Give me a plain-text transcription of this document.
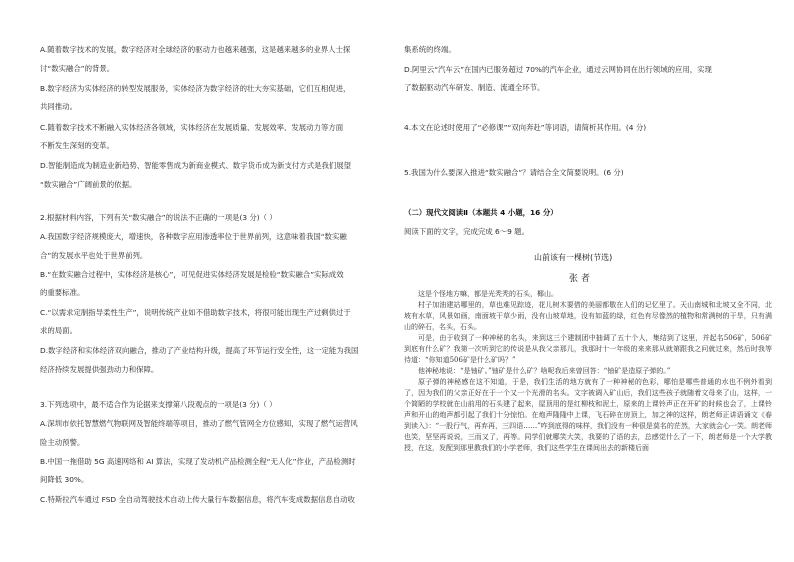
A.随着数字技术的发展，数字经济对全球经济的驱动力也越来越强，这是越来越多的业界人士探
讨“数实融合”的背景。
B.数字经济为实体经济的转型发展服务，实体经济为数字经济的壮大夯实基础，它们互相促进，
共同推动。
C.随着数字技术不断融入实体经济各领域，实体经济在发展质量、发展效率、发展动力等方面
不断发生深刻的变革。
D.智能制造成为制造业新趋势、智能零售成为新商业模式、数字货币成为新支付方式是我们展望
“数实融合”广阔前景的依据。
2.根据材料内容，下列有关“数实融合”的说法不正确的一项是(3 分)（ ）
A.我国数字经济规模庞大，增速快，各种数字应用渗透率位于世界前列，这意味着我国“数实融
合”的发展水平也处于世界前列。
B.“在数实融合过程中，实体经济是核心”，可见促进实体经济发展是检验“数实融合”实际成效
的重要标准。
C.“以需求定制指导柔性生产”，说明传统产业如不借助数字技术，将很可能出现生产过剩供过于
求的局面。
D.数字经济和实体经济双向融合，推动了产业结构升级，提高了环节运行安全性，这一定能为我国
经济持续发展提供强劲动力和保障。
3.下列选项中，最不适合作为论据来支撑第八段观点的一项是(3 分)（ ）
A.深圳市依托智慧燃气物联网及智能终端等项目，推动了燃气管网全方位感知，实现了燃气运营风
险主动预警。
B.中国一拖借助 5G 高速网络和 AI 算法，实现了发动机产品检测全程“无人化”作业，产品检测时
间降低 30%。
C.特斯拉汽车通过 FSD 全自动驾驶技术自动上传大量行车数据信息，将汽车变成数据信息自动收
山前该有一棵树(节选)
张 者

这是个怪地方嘛，都是光秃秃的石头，椰山。

村子加油建站哪里的，草也难见踪迹，花儿树木要借的美丽都敬在人们的记忆里了。天山南城和北坡又全不同，北坡有水草，风景如画，南面坡干草少雨，没有山坡草地，没有如蓝的绿，红色有尽像然的植物和常满树的干旱，只有满山的碎石，名头，石头。

可是，由于收到了一种神秘的名头，来到这三个建制团中抽调了五十个人，集结到了这里，并起名506矿，506矿到底有什么矿？我第一次听到它的传说是从我父亲那儿，我那时十一年级的来来那从就第跟我之问就过来，然后时我等待道：“你知道506矿是什么矿吗？”

他神秘地说：“是铀矿。”铀矿是什么矿？啥呢我后来曾回答：“铀矿是造原子弹的。”

原子弹的神秘感在这不知道，于是，我们生活的地方就有了一种神秘的色彩，哪怕是哪些普通的水也不例外看到了，因为我们的父亲正好在于一个又一个光滑的名头。文字被调入矿山后，我们这些孩子就随着文母来了山，这样，一个简陋的学校就在山前用的石头建了起来，屋顶用的是红柳枝和泥土，原来的上课铃声正在开矿的时候也会了，上课铃声和开山的炮声都引起了我们十分惊怕。在炮声隆隆中上课，飞石碎在房顶上，加之神的这样，朗老师正讲语诵文《春到读入》：“一股行气，再弃再，三四语……”咋到底得的味样，我们没有一种很是莫名的茫然，大家就会心一笑。朗老师也笑，坚坚再说说，三而又了，再等。同学们就哪笑大笑，我要的了语的去，总感觉什么了一下，朗老师是一个大学教授，在这，发配到那里教我们的小学老师，我们这些学生在课间出去的新楼后面

集系统的终端。
D.阿里云“汽车云”在国内已服务超过 70%的汽车企业，通过云网协同在出行领域的应用，实现
了数据驱动汽车研发、制造、流通全环节。
4.本文在论述时使用了“必修课”“双向奔赴”等词语，请简析其作用。(4 分)
5.我国为什么要深入推进“数实融合”？请结合全文简要说明。(6 分)
（二）现代文阅读Ⅱ（本题共 4 小题，16 分）
阅读下面的文字，完成完成 6～9 题。
